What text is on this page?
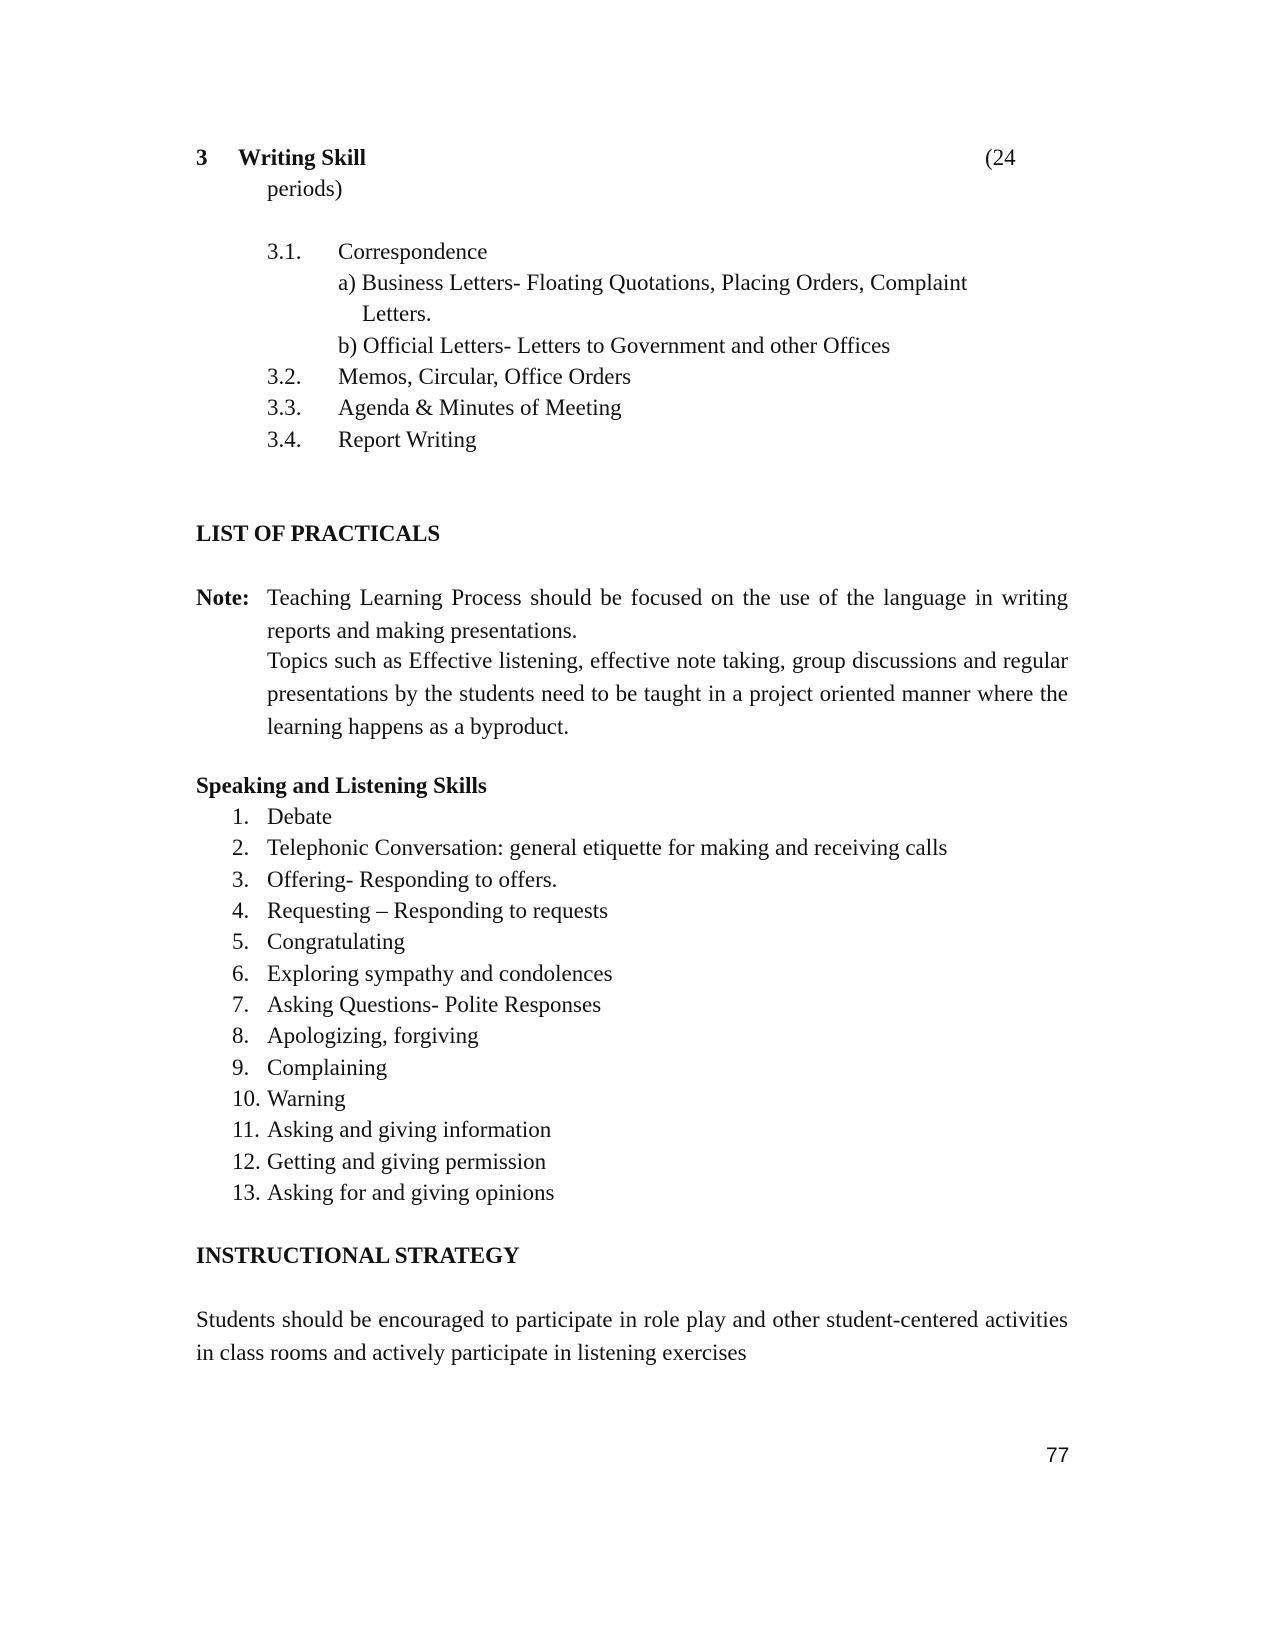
3 Writing Skill	(24
periods)
3.1. Correspondence
a) Business Letters- Floating Quotations, Placing Orders, Complaint
Letters.
b) Official Letters- Letters to Government and other Offices
3.2. Memos, Circular, Office Orders
3.3. Agenda & Minutes of Meeting
3.4. Report Writing
LIST OF PRACTICALS
Note: Teaching Learning Process should be focused on the use of the language in writing reports and making presentations.
Topics such as Effective listening, effective note taking, group discussions and regular presentations by the students need to be taught in a project oriented manner where the learning happens as a byproduct.
Speaking and Listening Skills
1. Debate
2. Telephonic Conversation: general etiquette for making and receiving calls
3. Offering- Responding to offers.
4. Requesting – Responding to requests
5. Congratulating
6. Exploring sympathy and condolences
7. Asking Questions- Polite Responses
8. Apologizing, forgiving
9. Complaining
10. Warning
11. Asking and giving information
12. Getting and giving permission
13. Asking for and giving opinions
INSTRUCTIONAL STRATEGY
Students should be encouraged to participate in role play and other student-centered activities in class rooms and actively participate in listening exercises
77
